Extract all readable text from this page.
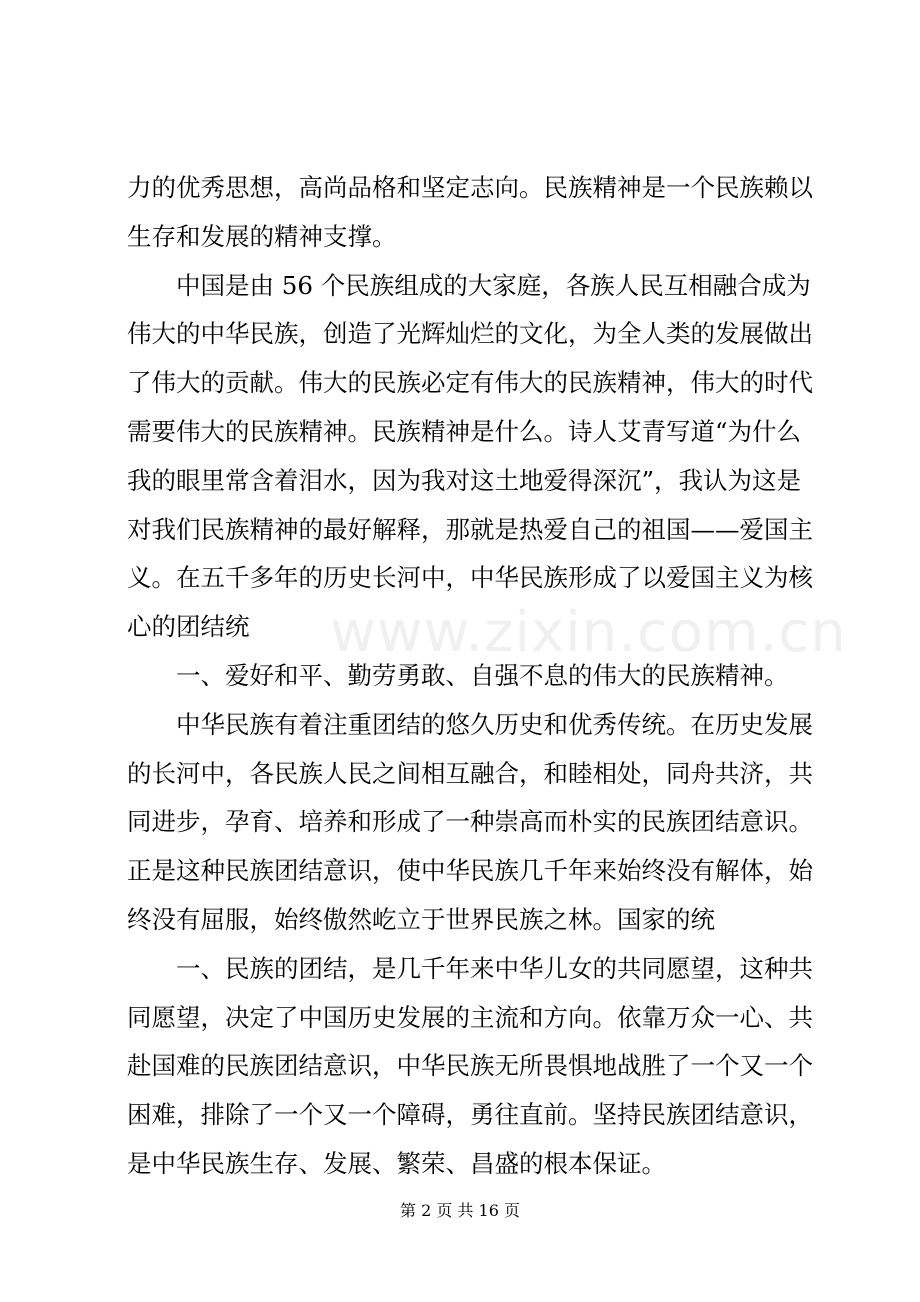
www.zixin.com.cn
力的优秀思想，高尚品格和坚定志向。民族精神是一个民族赖以
生存和发展的精神支撑。
中国是由 56 个民族组成的大家庭，各族人民互相融合成为
伟大的中华民族，创造了光辉灿烂的文化，为全人类的发展做出
了伟大的贡献。伟大的民族必定有伟大的民族精神，伟大的时代
需要伟大的民族精神。民族精神是什么。诗人艾青写道“为什么
我的眼里常含着泪水，因为我对这土地爱得深沉”，我认为这是
对我们民族精神的最好解释，那就是热爱自己的祖国——爱国主
义。在五千多年的历史长河中，中华民族形成了以爱国主义为核
心的团结统
一、爱好和平、勤劳勇敢、自强不息的伟大的民族精神。
中华民族有着注重团结的悠久历史和优秀传统。在历史发展
的长河中，各民族人民之间相互融合，和睦相处，同舟共济，共
同进步，孕育、培养和形成了一种崇高而朴实的民族团结意识。
正是这种民族团结意识，使中华民族几千年来始终没有解体，始
终没有屈服，始终傲然屹立于世界民族之林。国家的统
一、民族的团结，是几千年来中华儿女的共同愿望，这种共
同愿望，决定了中国历史发展的主流和方向。依靠万众一心、共
赴国难的民族团结意识，中华民族无所畏惧地战胜了一个又一个
困难，排除了一个又一个障碍，勇往直前。坚持民族团结意识，
是中华民族生存、发展、繁荣、昌盛的根本保证。
第 2 页 共 16 页
